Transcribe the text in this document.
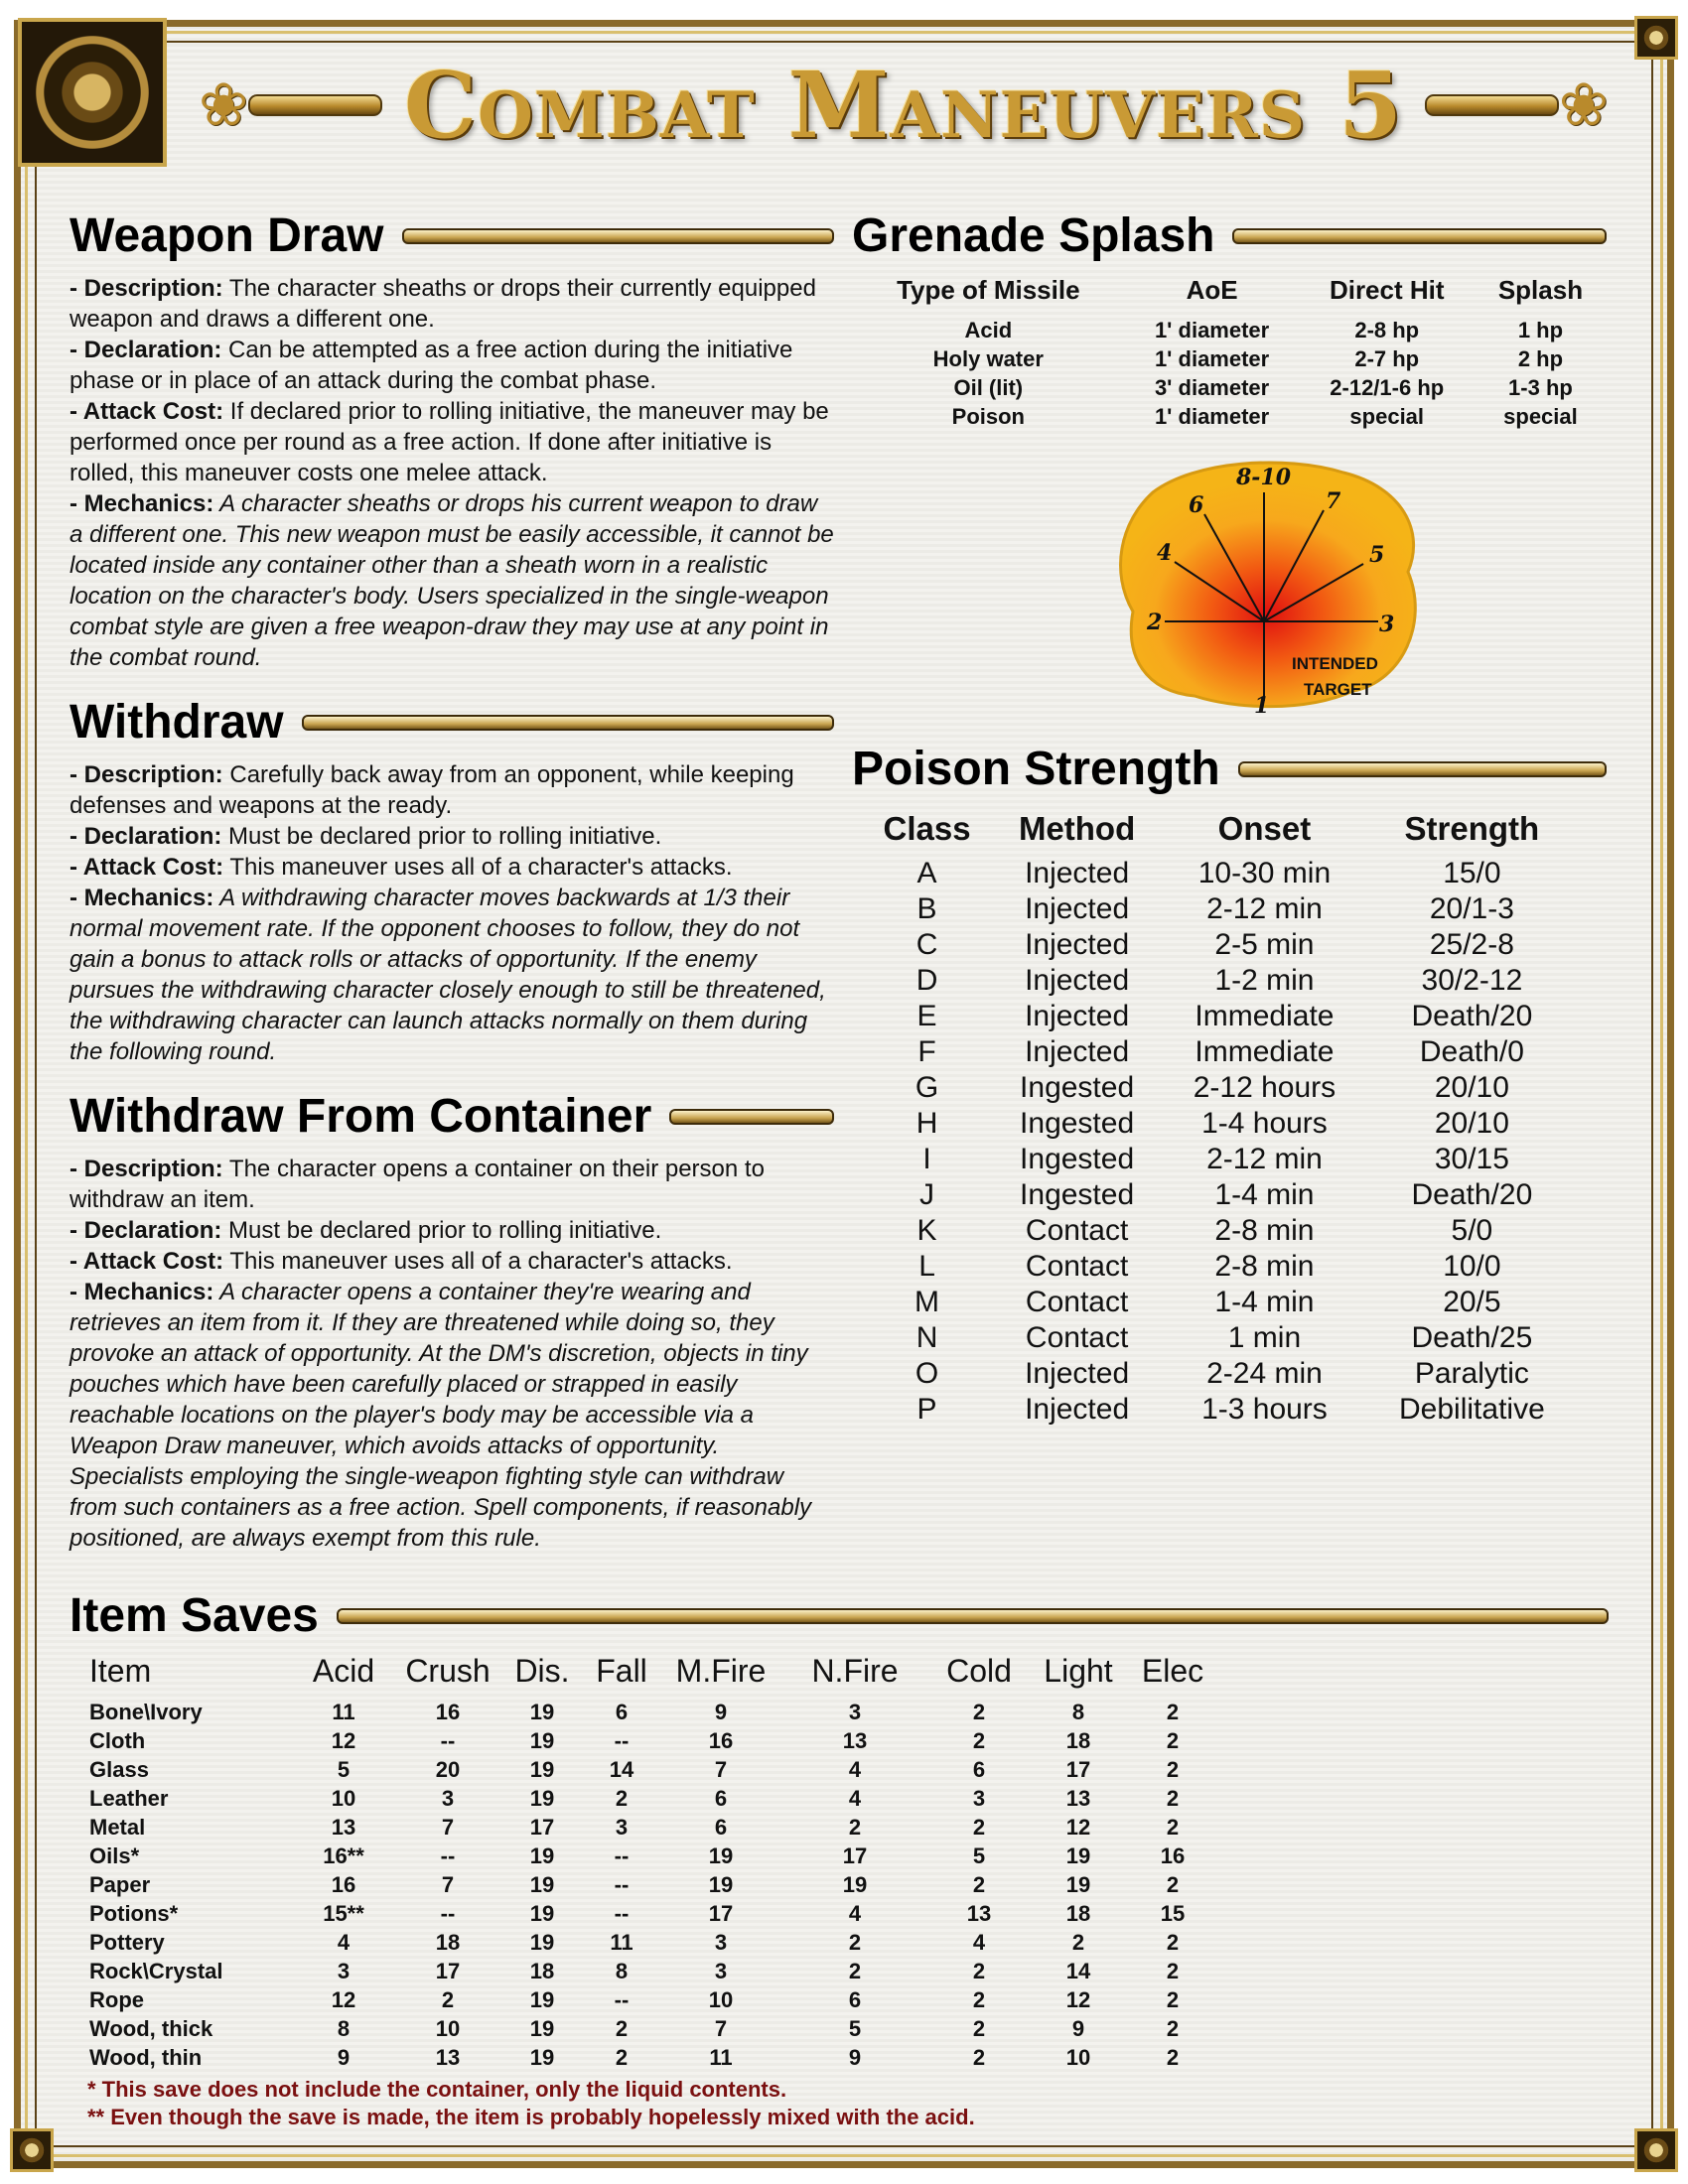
❀ Combat Maneuvers 5	❀
Weapon Draw

- Description: The character sheaths or drops their currently equipped weapon and draws a different one.

- Declaration: Can be attempted as a free action during the initiative phase or in place of an attack during the combat phase.

- Attack Cost: If declared prior to rolling initiative, the maneuver may be performed once per round as a free action. If done after initiative is rolled, this maneuver costs one melee attack.

- Mechanics: A character sheaths or drops his current weapon to draw a different one. This new weapon must be easily accessible, it cannot be located inside any container other than a sheath worn in a realistic location on the character's body. Users specialized in the single-weapon combat style are given a free weapon-draw they may use at any point in the combat round.

Withdraw

- Description: Carefully back away from an opponent, while keeping defenses and weapons at the ready.

- Declaration: Must be declared prior to rolling initiative.

- Attack Cost: This maneuver uses all of a character's attacks.

- Mechanics: A withdrawing character moves backwards at 1/3 their normal movement rate. If the opponent chooses to follow, they do not gain a bonus to attack rolls or attacks of opportunity. If the enemy pursues the withdrawing character closely enough to still be threatened, the withdrawing character can launch attacks normally on them during the following round.

Withdraw From Container

- Description: The character opens a container on their person to withdraw an item.

- Declaration: Must be declared prior to rolling initiative.

- Attack Cost: This maneuver uses all of a character's attacks.

- Mechanics: A character opens a container they're wearing and retrieves an item from it. If they are threatened while doing so, they provoke an attack of opportunity. At the DM's discretion, objects in tiny pouches which have been carefully placed or strapped in easily reachable locations on the player's body may be accessible via a Weapon Draw maneuver, which avoids attacks of opportunity. Specialists employing the single-weapon fighting style can withdraw from such containers as a free action. Spell components, if reasonably positioned, are always exempt from this rule.

Grenade Splash
Type of Missile	AoE	Direct Hit	Splash
Acid	1' diameter	2-8 hp	1 hp
Holy water	1' diameter	2-7 hp	2 hp
Oil (lit)	3' diameter	2-12/1-6 hp	1-3 hp
Poison	1' diameter	special	special
1
2	3
4	5
6	7
8-10
INTENDED
TARGET
Poison Strength
Class	Method	Onset	Strength
A	Injected	10-30 min	15/0
B	Injected	2-12 min	20/1-3
C	Injected	2-5 min	25/2-8
D	Injected	1-2 min	30/2-12
E	Injected	Immediate	Death/20
F	Injected	Immediate	Death/0
G	Ingested	2-12 hours	20/10
H	Ingested	1-4 hours	20/10
I	Ingested	2-12 min	30/15
J	Ingested	1-4 min	Death/20
K	Contact	2-8 min	5/0
L	Contact	2-8 min	10/0
M	Contact	1-4 min	20/5
N	Contact	1 min	Death/25
O	Injected	2-24 min	Paralytic
P	Injected	1-3 hours	Debilitative
Item Saves
Item	Acid	Crush	Dis.	Fall	M.Fire	N.Fire	Cold	Light	Elec
Bone\Ivory	11	16	19	6	9	3	2	8	2
Cloth	12	--	19	--	16	13	2	18	2
Glass	5	20	19	14	7	4	6	17	2
Leather	10	3	19	2	6	4	3	13	2
Metal	13	7	17	3	6	2	2	12	2
Oils*	16**	--	19	--	19	17	5	19	16
Paper	16	7	19	--	19	19	2	19	2
Potions*	15**	--	19	--	17	4	13	18	15
Pottery	4	18	19	11	3	2	4	2	2
Rock\Crystal	3	17	18	8	3	2	2	14	2
Rope	12	2	19	--	10	6	2	12	2
Wood, thick	8	10	19	2	7	5	2	9	2
Wood, thin	9	13	19	2	11	9	2	10	2
* This save does not include the container, only the liquid contents.
** Even though the save is made, the item is probably hopelessly mixed with the acid.
